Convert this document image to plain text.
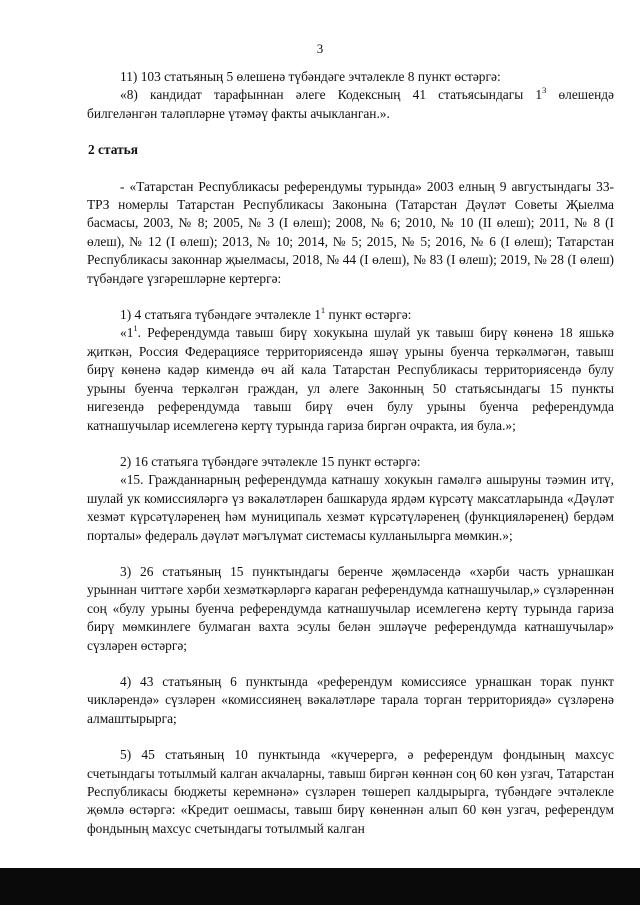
3

11) 103 статьяның 5 өлешенә түбәндәге эчтәлекле 8 пункт өстәргә:

«8) кандидат тарафыннан әлеге Кодексның 41 статьясындагы $1^3$ өлешендә билгеләнгән таләпләрне үтәмәү факты ачыкланган.».

2 статья

- «Татарстан Республикасы референдумы турында» 2003 елның 9 августындагы 33-ТРЗ номерлы Татарстан Республикасы Законына (Татарстан Дәүләт Советы Җыелма басмасы, 2003, № 8; 2005, № 3 (I өлеш); 2008, № 6; 2010, № 10 (II өлеш); 2011, № 8 (I өлеш), № 12 (I өлеш); 2013, № 10; 2014, № 5; 2015, № 5; 2016, № 6 (I өлеш); Татарстан Республикасы законнар җыелмасы, 2018, № 44 (I өлеш), № 83 (I өлеш); 2019, № 28 (I өлеш) түбәндәге үзгәрешләрне кертергә:

1) 4 статьяга түбәндәге эчтәлекле $1^1$ пункт өстәргә:

«$1^1$. Референдумда тавыш бирү хокукына шулай ук тавыш бирү көненә 18 яшькә җиткән, Россия Федерациясе территориясендә яшәү урыны буенча теркәлмәгән, тавыш бирү көненә кадәр кимендә өч ай кала Татарстан Республикасы территориясендә булу урыны буенча теркәлгән граждан, ул әлеге Законның 50 статьясындагы 15 пункты нигезендә референдумда тавыш бирү өчен булу урыны буенча референдумда катнашучылар исемлегенә кертү турында гариза биргән очракта, ия була.»;

2) 16 статьяга түбәндәге эчтәлекле 15 пункт өстәргә:

«15. Гражданнарның референдумда катнашу хокукын гамәлгә ашыруны тәэмин итү, шулай ук комиссияләргә үз вәкаләтләрен башкаруда ярдәм күрсәтү максатларында «Дәүләт хезмәт күрсәтүләренең һәм муниципаль хезмәт күрсәтүләренең (функцияләренең) бердәм порталы» федераль дәүләт мәгълүмат системасы кулланылырга мөмкин.»;

3) 26 статьяның 15 пунктындагы беренче җөмләсендә «хәрби часть урнашкан урыннан читтәге хәрби хезмәткәрләргә караган референдумда катнашучылар,» сүзләреннән соң «булу урыны буенча референдумда катнашучылар исемлегенә кертү турында гариза бирү мөмкинлеге булмаган вахта эсулы белән эшләүче референдумда катнашучылар» сүзләрен өстәргә;

4) 43 статьяның 6 пунктында «референдум комиссиясе урнашкан торак пункт чикләрендә» сүзләрен «комиссиянең вәкаләтләре тарала торган территориядә» сүзләренә алмаштырырга;

5) 45 статьяның 10 пунктында «күчерергә, ә референдум фондының махсус счетындагы тотылмый калган акчаларны, тавыш биргән көннән соң 60 көн узгач, Татарстан Республикасы бюджеты керемнәнә» сүзләрен төшереп калдырырга, түбәндәге эчтәлекле җөмлә өстәргә: «Кредит оешмасы, тавыш бирү көненнән алып 60 көн узгач, референдум фондының махсус счетындагы тотылмый калган
